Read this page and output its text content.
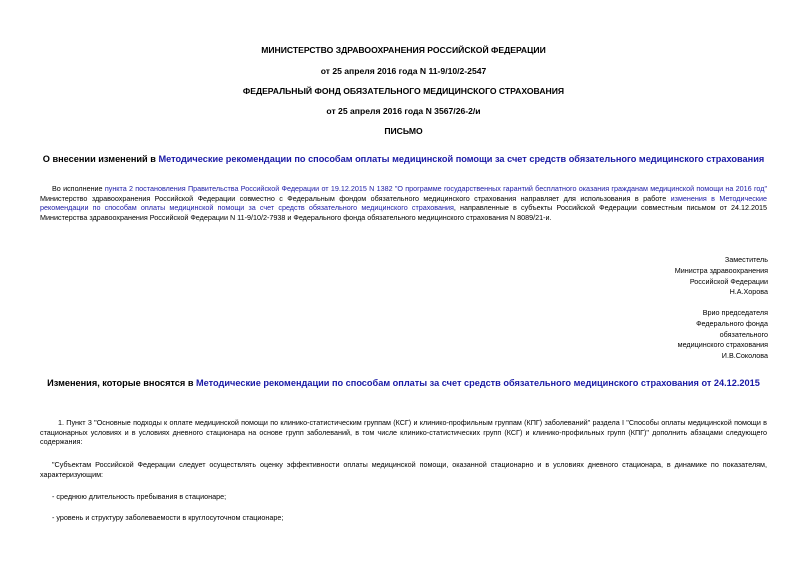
МИНИСТЕРСТВО ЗДРАВООХРАНЕНИЯ РОССИЙСКОЙ ФЕДЕРАЦИИ
от 25 апреля 2016 года N 11-9/10/2-2547
ФЕДЕРАЛЬНЫЙ ФОНД ОБЯЗАТЕЛЬНОГО МЕДИЦИНСКОГО СТРАХОВАНИЯ
от 25 апреля 2016 года N 3567/26-2/и
ПИСЬМО
О внесении изменений в Методические рекомендации по способам оплаты медицинской помощи за счет средств обязательного медицинского страхования
Во исполнение пункта 2 постановления Правительства Российской Федерации от 19.12.2015 N 1382 "О программе государственных гарантий бесплатного оказания гражданам медицинской помощи на 2016 год" Министерство здравоохранения Российской Федерации совместно с Федеральным фондом обязательного медицинского страхования направляет для использования в работе изменения в Методические рекомендации по способам оплаты медицинской помощи за счет средств обязательного медицинского страхования, направленные в субъекты Российской Федерации совместным письмом от 24.12.2015 Министерства здравоохранения Российской Федерации N 11-9/10/2-7938 и Федерального фонда обязательного медицинского страхования N 8089/21-и.
Заместитель
Министра здравоохранения
Российской Федерации
Н.А.Хорова
Врио председателя
Федерального фонда
обязательного
медицинского страхования
И.В.Соколова
Изменения, которые вносятся в Методические рекомендации по способам оплаты за счет средств обязательного медицинского страхования от 24.12.2015
1. Пункт 3 "Основные подходы к оплате медицинской помощи по клинико-статистическим группам (КСГ) и клинико-профильным группам (КПГ) заболеваний" раздела I "Способы оплаты медицинской помощи в стационарных условиях и в условиях дневного стационара на основе групп заболеваний, в том числе клинико-статистических групп (КСГ) и клинико-профильных групп (КПГ)" дополнить абзацами следующего содержания:
"Субъектам Российской Федерации следует осуществлять оценку эффективности оплаты медицинской помощи, оказанной стационарно и в условиях дневного стационара, в динамике по показателям, характеризующим:
- среднюю длительность пребывания в стационаре;
- уровень и структуру заболеваемости в круглосуточном стационаре;
